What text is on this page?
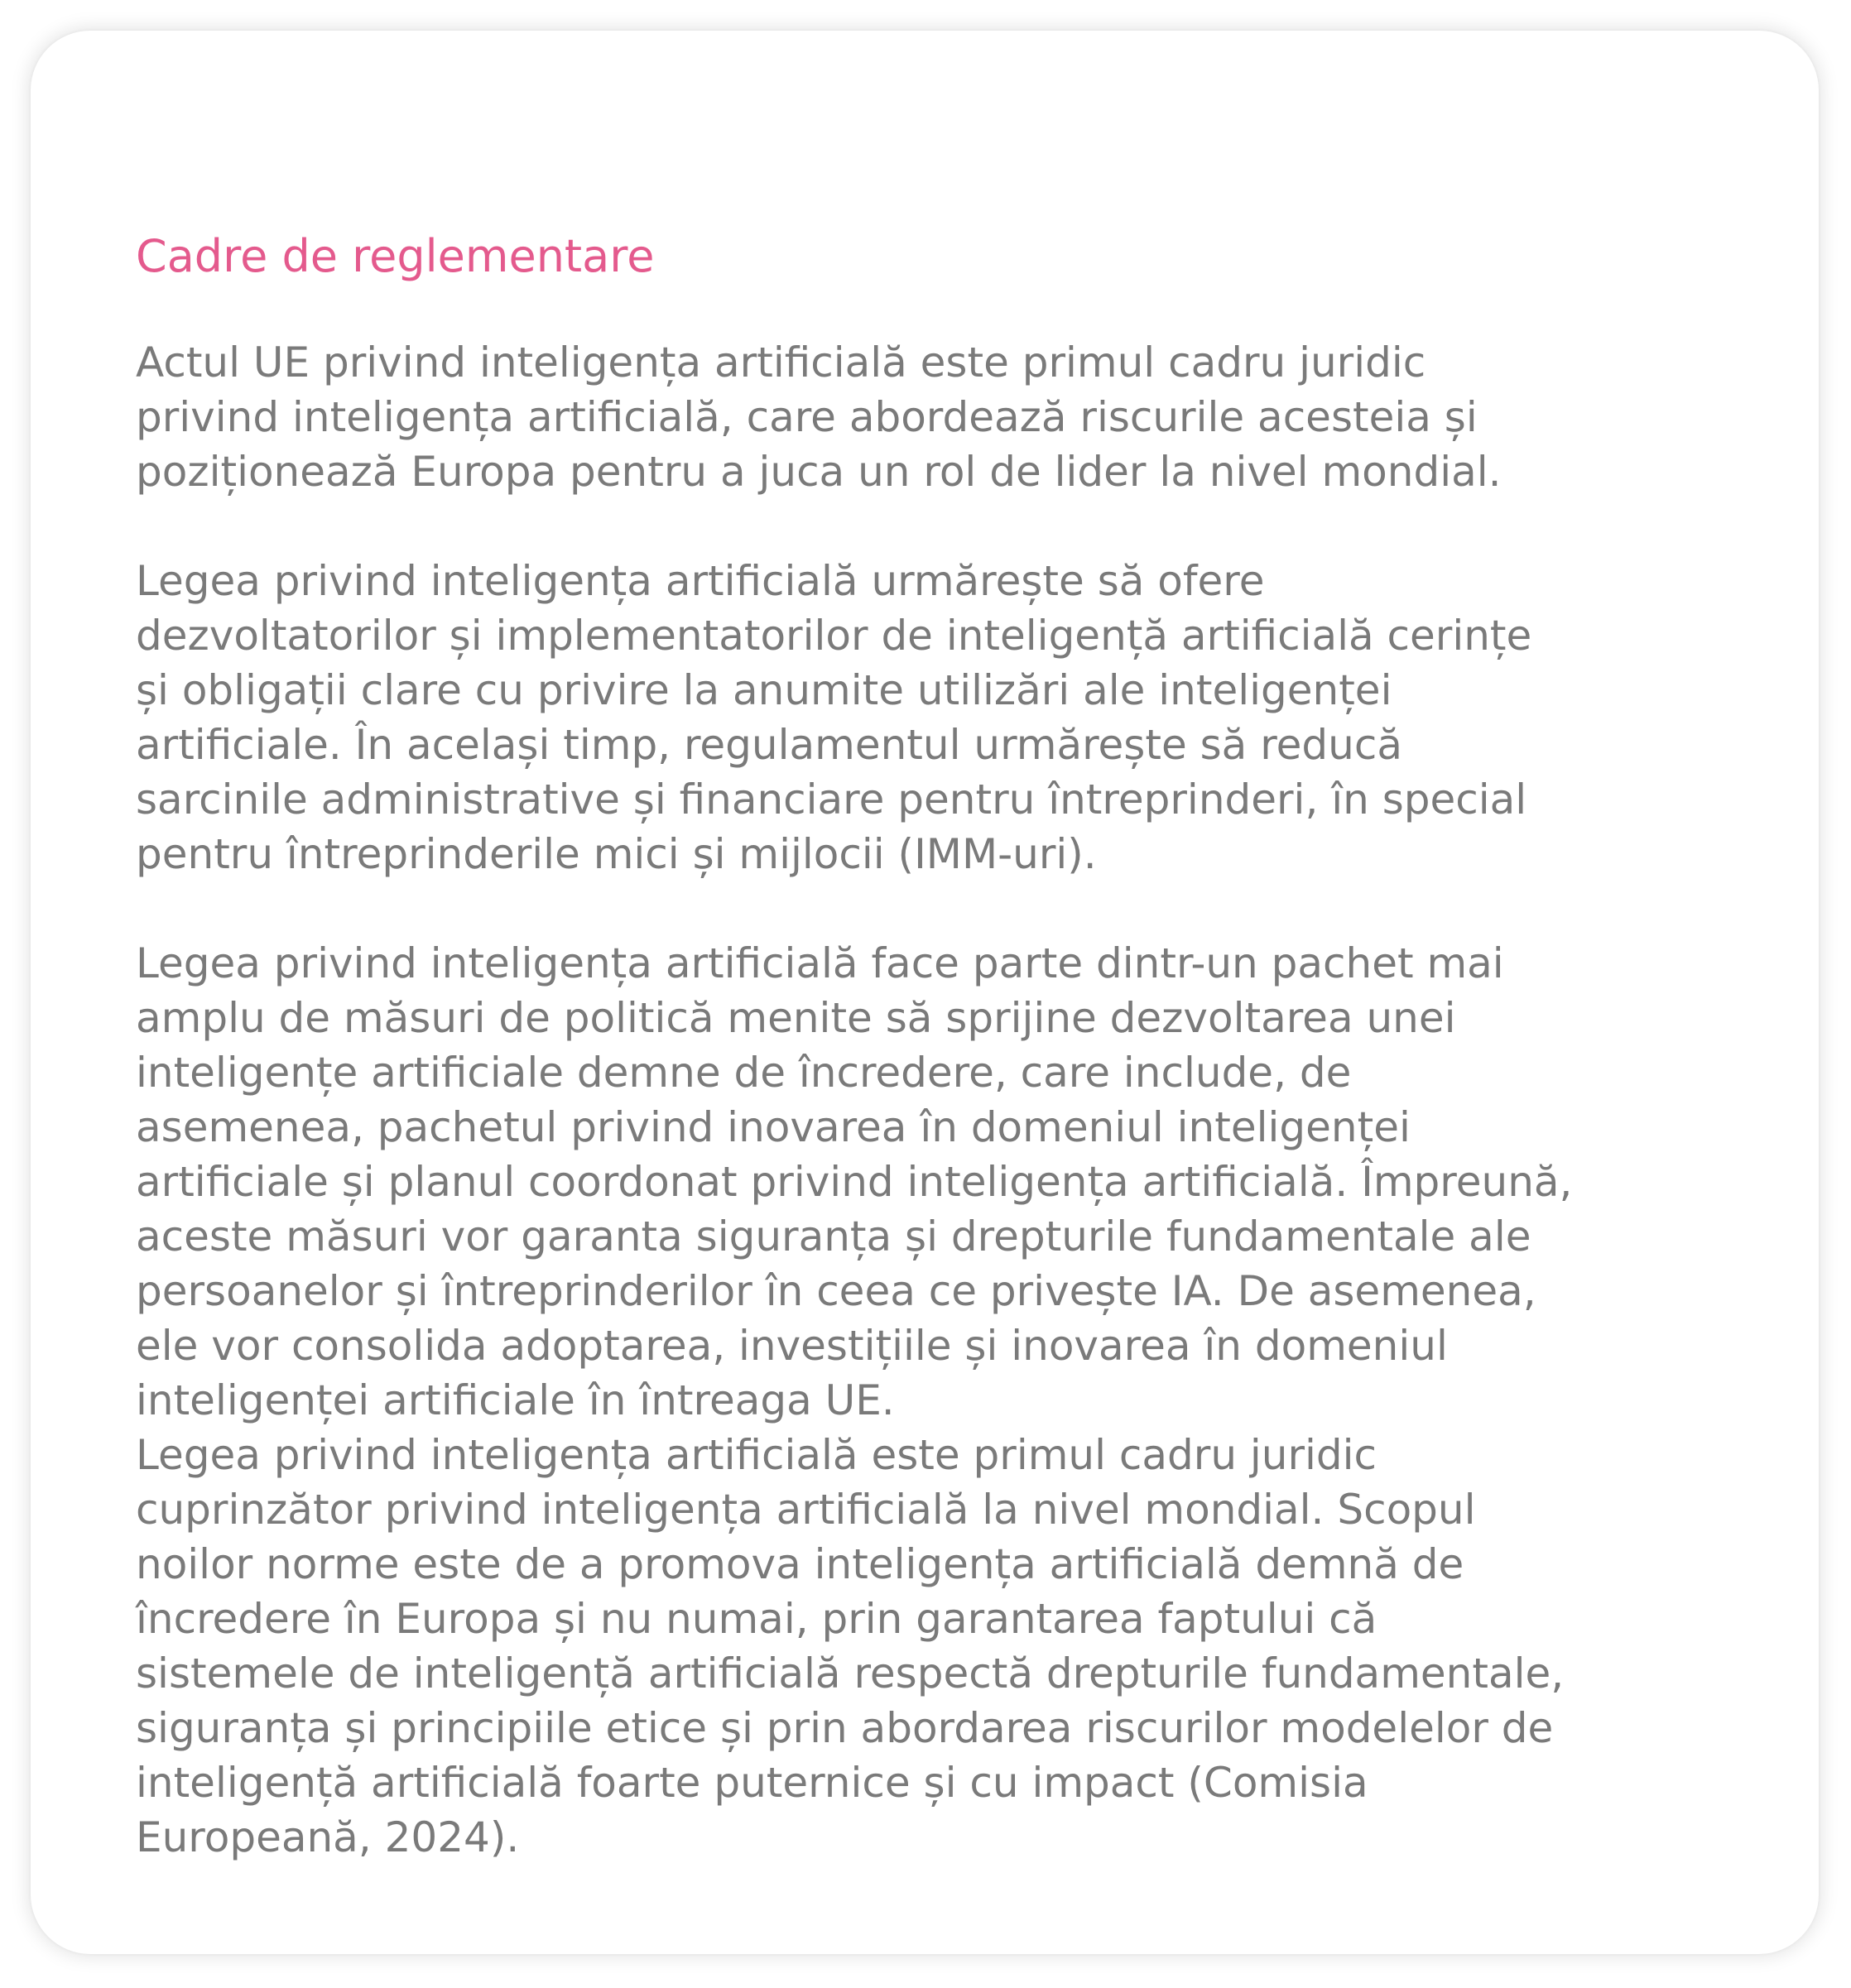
Cadre de reglementare

Actul UE privind inteligența artificială este primul cadru juridic
privind inteligența artificială, care abordează riscurile acesteia și
poziționează Europa pentru a juca un rol de lider la nivel mondial.

Legea privind inteligența artificială urmărește să ofere
dezvoltatorilor și implementatorilor de inteligență artificială cerințe
și obligații clare cu privire la anumite utilizări ale inteligenței
artificiale. În același timp, regulamentul urmărește să reducă
sarcinile administrative și financiare pentru întreprinderi, în special
pentru întreprinderile mici și mijlocii (IMM-uri).

Legea privind inteligența artificială face parte dintr-un pachet mai
amplu de măsuri de politică menite să sprijine dezvoltarea unei
inteligențe artificiale demne de încredere, care include, de
asemenea, pachetul privind inovarea în domeniul inteligenței
artificiale și planul coordonat privind inteligența artificială. Împreună,
aceste măsuri vor garanta siguranța și drepturile fundamentale ale
persoanelor și întreprinderilor în ceea ce privește IA. De asemenea,
ele vor consolida adoptarea, investițiile și inovarea în domeniul
inteligenței artificiale în întreaga UE.

Legea privind inteligența artificială este primul cadru juridic
cuprinzător privind inteligența artificială la nivel mondial. Scopul
noilor norme este de a promova inteligența artificială demnă de
încredere în Europa și nu numai, prin garantarea faptului că
sistemele de inteligență artificială respectă drepturile fundamentale,
siguranța și principiile etice și prin abordarea riscurilor modelelor de
inteligență artificială foarte puternice și cu impact (Comisia
Europeană, 2024).
